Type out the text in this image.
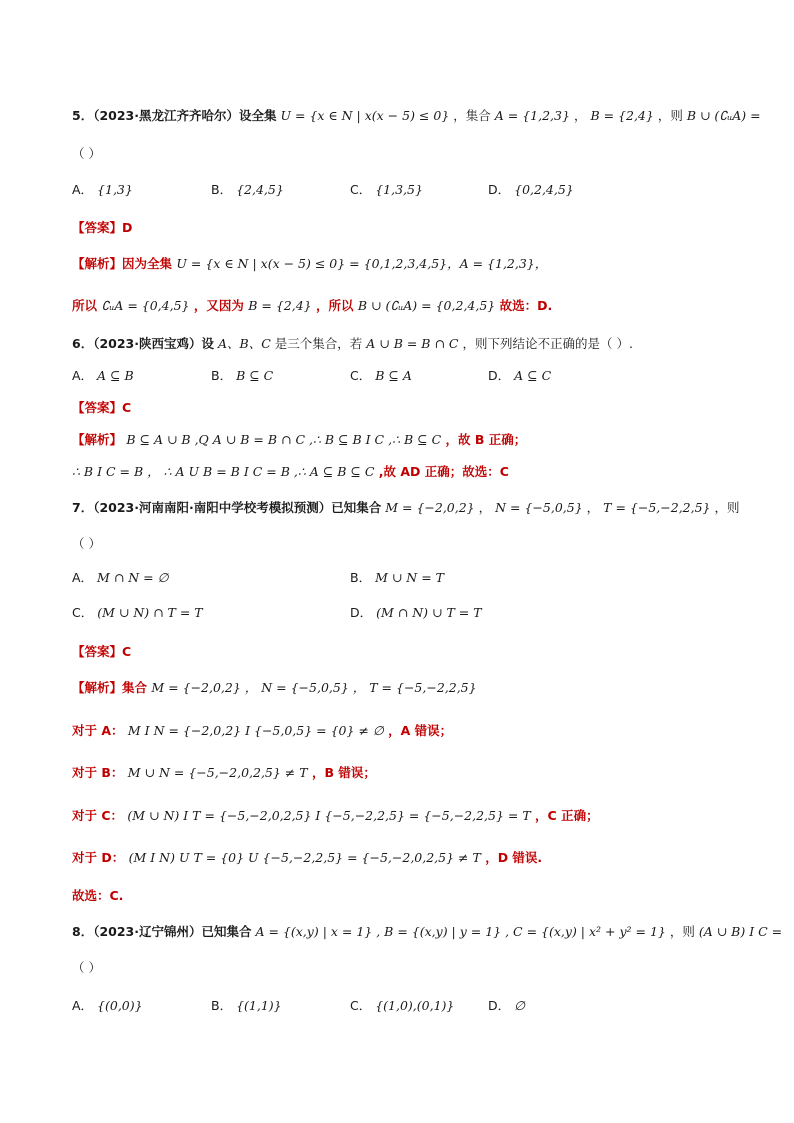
5．（2023·黑龙江齐齐哈尔）设全集 U = {x ∈ N | x(x − 5) ≤ 0} ，集合 A = {1,2,3} ， B = {2,4} ，则 B ∪ (∁ᵤA) =
（ ）
A． {1,3}	B． {2,4,5}	C． {1,3,5}	D． {0,2,4,5}
【答案】D
【解析】因为全集 U = {x ∈ N | x(x − 5) ≤ 0} = {0,1,2,3,4,5}，A = {1,2,3}，
所以 ∁ᵤA = {0,4,5} ，又因为 B = {2,4} ，所以 B ∪ (∁ᵤA) = {0,2,4,5} 故选：D.
6．（2023·陕西宝鸡）设 A、B、C 是三个集合，若 A ∪ B = B ∩ C ，则下列结论不正确的是（ ）.
A． A ⊆ B	B． B ⊆ C	C． B ⊆ A	D． A ⊆ C
【答案】C
【解析】 B ⊆ A ∪ B ,Q A ∪ B = B ∩ C ,∴ B ⊆ B I C ,∴ B ⊆ C ，故 B 正确；
∴ B I C = B ， ∴ A U B = B I C = B ,∴ A ⊆ B ⊆ C ,故 AD 正确；故选：C
7．（2023·河南南阳·南阳中学校考模拟预测）已知集合 M = {−2,0,2} ， N = {−5,0,5} ， T = {−5,−2,2,5} ，则
（ ）
A． M ∩ N = ∅	B． M ∪ N = T
C． (M ∪ N) ∩ T = T	D． (M ∩ N) ∪ T = T
【答案】C
【解析】集合 M = {−2,0,2} ， N = {−5,0,5} ， T = {−5,−2,2,5}
对于 A： M I N = {−2,0,2} I {−5,0,5} = {0} ≠ ∅ ，A 错误；
对于 B： M ∪ N = {−5,−2,0,2,5} ≠ T ，B 错误；
对于 C： (M ∪ N) I T = {−5,−2,0,2,5} I {−5,−2,2,5} = {−5,−2,2,5} = T ，C 正确；
对于 D： (M I N) U T = {0} U {−5,−2,2,5} = {−5,−2,0,2,5} ≠ T ，D 错误.
故选：C.
8．（2023·辽宁锦州）已知集合 A = {(x,y) | x = 1} , B = {(x,y) | y = 1} , C = {(x,y) | x² + y² = 1} ，则 (A ∪ B) I C =
（ ）
A． {(0,0)}	B． {(1,1)}	C． {(1,0),(0,1)}	D． ∅
